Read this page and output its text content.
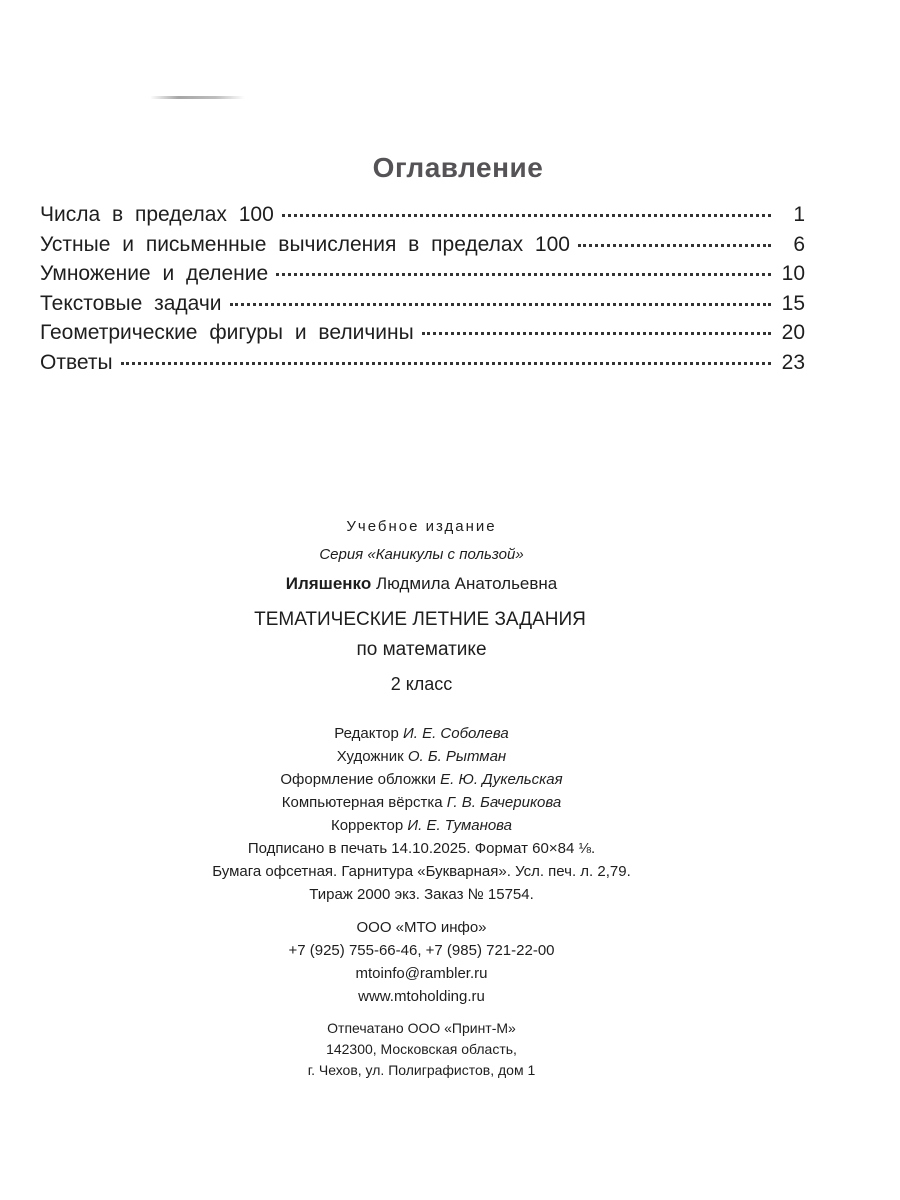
Оглавление
Числа в пределах 100	1
Устные и письменные вычисления в пределах 100	6
Умножение и деление	10
Текстовые задачи	15
Геометрические фигуры и величины	20
Ответы	23
Учебное издание
Серия «Каникулы с пользой»
Иляшенко Людмила Анатольевна
ТЕМАТИЧЕСКИЕ ЛЕТНИЕ ЗАДАНИЯ
по математике
2 класс
Редактор И. Е. Соболева
Художник О. Б. Рытман
Оформление обложки Е. Ю. Дукельская
Компьютерная вёрстка Г. В. Бачерикова
Корректор И. Е. Туманова
Подписано в печать 14.10.2025. Формат 60×84 ⅛.
Бумага офсетная. Гарнитура «Букварная». Усл. печ. л. 2,79.
Тираж 2000 экз. Заказ № 15754.
ООО «МТО инфо»
+7 (925) 755-66-46, +7 (985) 721-22-00
mtoinfo@rambler.ru
www.mtoholding.ru
Отпечатано ООО «Принт-М»
142300, Московская область,
г. Чехов, ул. Полиграфистов, дом 1
